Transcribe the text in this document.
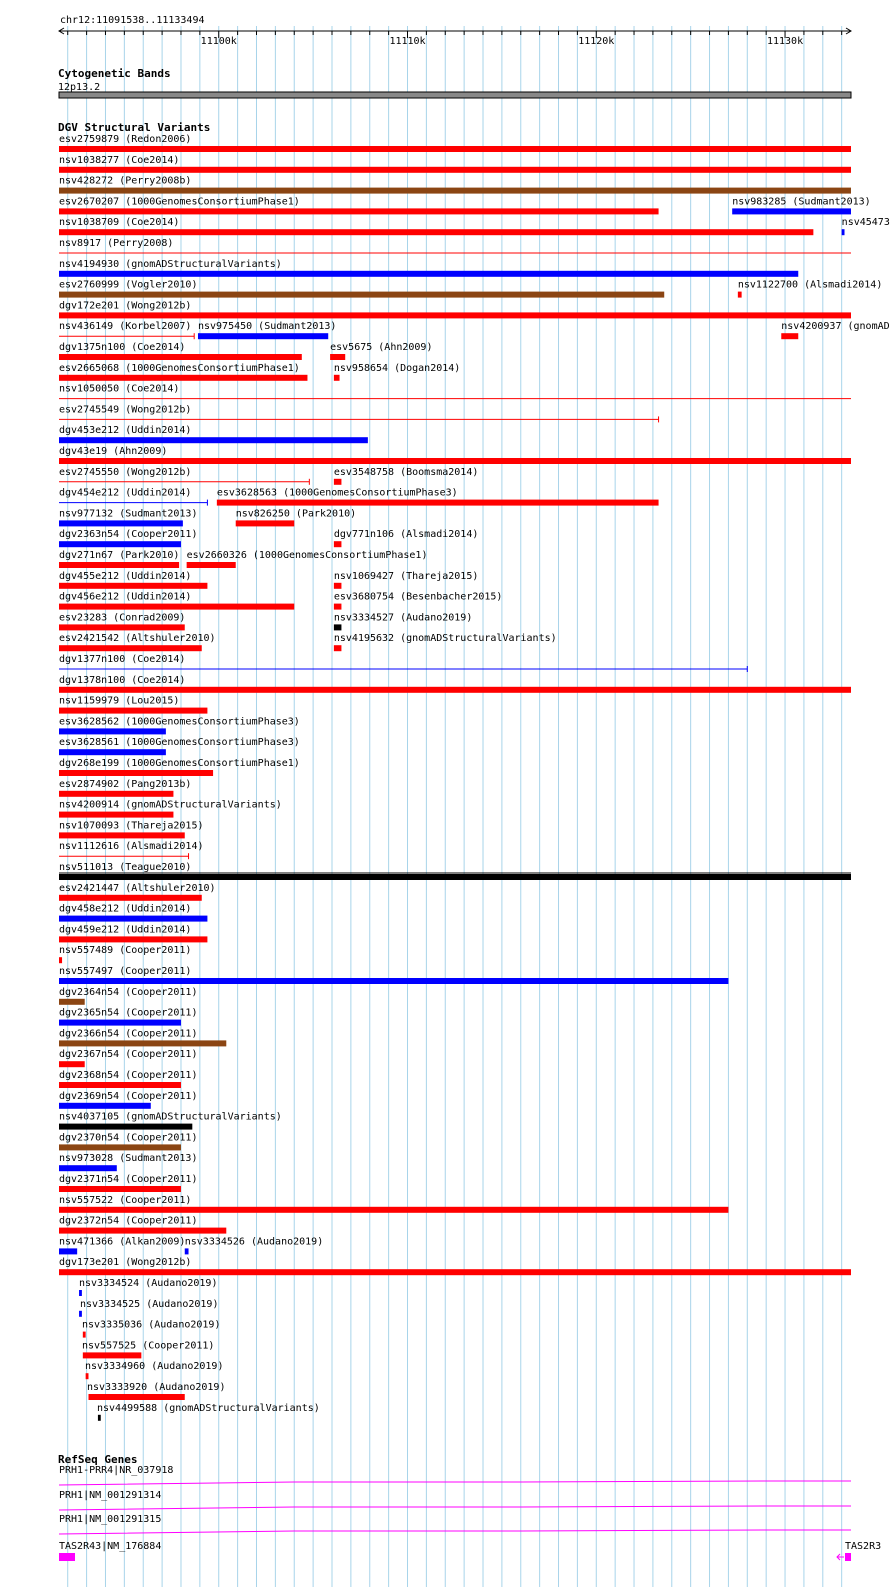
chr12:11091538..11133494
11100k	11110k	11120k	11130k
esv2759879 (Redon2006)
nsv1038277 (Coe2014)
nsv428272 (Perry2008b)
esv2670207 (1000GenomesConsortiumPhase1)	nsv983285 (Sudmant2013)
nsv1038709 (Coe2014)	nsv45473
nsv8917 (Perry2008)
nsv4194930 (gnomADStructuralVariants)
esv2760999 (Vogler2010)	nsv1122700 (Alsmadi2014)
dgv172e201 (Wong2012b)
nsv436149 (Korbel2007) nsv975450 (Sudmant2013)	nsv4200937 (gnomAD
dgv1375n100 (Coe2014)	esv5675 (Ahn2009)
esv2665068 (1000GenomesConsortiumPhase1)	nsv958654 (Dogan2014)
nsv1050050 (Coe2014)
esv2745549 (Wong2012b)
dgv453e212 (Uddin2014)
dgv43e19 (Ahn2009)
esv2745550 (Wong2012b)	esv3548758 (Boomsma2014)
dgv454e212 (Uddin2014)	esv3628563 (1000GenomesConsortiumPhase3)
nsv977132 (Sudmant2013)	nsv826250 (Park2010)
dgv2363n54 (Cooper2011)	dgv771n106 (Alsmadi2014)
dgv271n67 (Park2010) esv2660326 (1000GenomesConsortiumPhase1)
dgv455e212 (Uddin2014)	nsv1069427 (Thareja2015)
dgv456e212 (Uddin2014)	esv3680754 (Besenbacher2015)
esv23283 (Conrad2009)	nsv3334527 (Audano2019)
esv2421542 (Altshuler2010)	nsv4195632 (gnomADStructuralVariants)
dgv1377n100 (Coe2014)
dgv1378n100 (Coe2014)
nsv1159979 (Lou2015)
esv3628562 (1000GenomesConsortiumPhase3)
esv3628561 (1000GenomesConsortiumPhase3)
dgv268e199 (1000GenomesConsortiumPhase1)
esv2874902 (Pang2013b)
nsv4200914 (gnomADStructuralVariants)
nsv1070093 (Thareja2015)
nsv1112616 (Alsmadi2014)
nsv511013 (Teague2010)
esv2421447 (Altshuler2010)
dgv458e212 (Uddin2014)
dgv459e212 (Uddin2014)
nsv557489 (Cooper2011)
nsv557497 (Cooper2011)
dgv2364n54 (Cooper2011)
dgv2365n54 (Cooper2011)
dgv2366n54 (Cooper2011)
dgv2367n54 (Cooper2011)
dgv2368n54 (Cooper2011)
dgv2369n54 (Cooper2011)
nsv4037105 (gnomADStructuralVariants)
dgv2370n54 (Cooper2011)
nsv973028 (Sudmant2013)
dgv2371n54 (Cooper2011)
nsv557522 (Cooper2011)
dgv2372n54 (Cooper2011)
nsv471366 (Alkan2009) nsv3334526 (Audano2019)
dgv173e201 (Wong2012b)
nsv3334524 (Audano2019)
nsv3334525 (Audano2019)
nsv3335036 (Audano2019)
nsv557525 (Cooper2011)
nsv3334960 (Audano2019)
nsv3333920 (Audano2019)
nsv4499588 (gnomADStructuralVariants)
PRH1-PRR4|NR_037918
PRH1|NM_001291314
PRH1|NM_001291315
TAS2R43|NM_176884	TAS2R3
Cytogenetic Bands
12p13.2
DGV Structural Variants
RefSeq Genes
